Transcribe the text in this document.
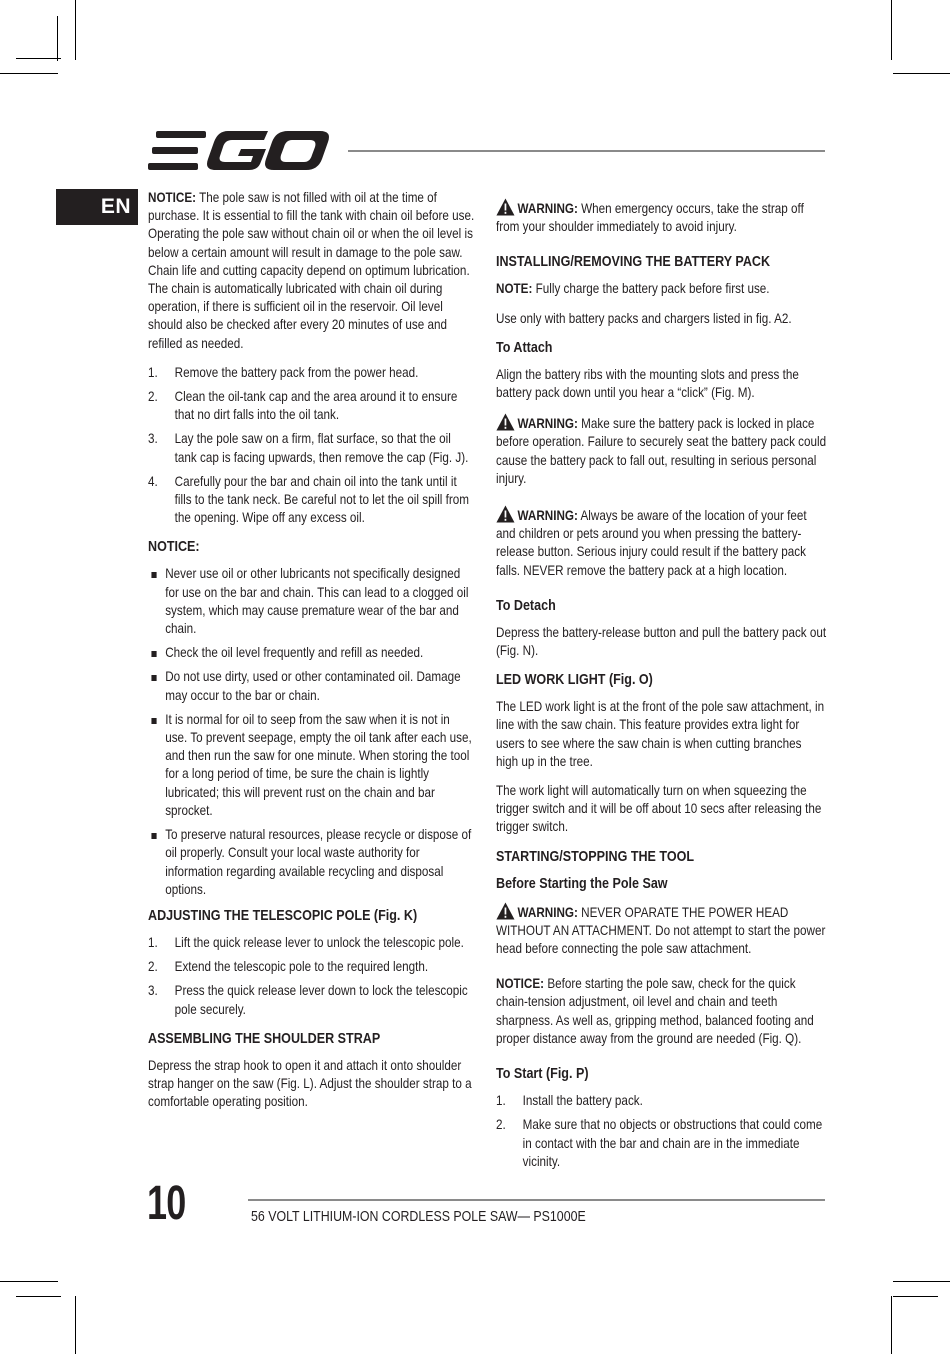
EN	NOTICE: The pole saw is not filled with oil at the time of purchase. It is essential to fill the tank with chain oil before use. Operating the pole saw without chain oil or when the oil level is below a certain amount will result in damage to the pole saw. Chain life and cutting capacity depend on optimum lubrication. The chain is automatically lubricated with chain oil during operation, if there is sufficient oil in the reservoir. Oil level should also be checked after every 20 minutes of use and refilled as needed.

1. Remove the battery pack from the power head.
2. Clean the oil-tank cap and the area around it to ensure that no dirt falls into the oil tank.
3. Lay the pole saw on a firm, flat surface, so that the oil tank cap is facing upwards, then remove the cap (Fig. J).
4. Carefully pour the bar and chain oil into the tank until it fills to the tank neck. Be careful not to let the oil spill from the opening. Wipe off any excess oil.
NOTICE:
Never use oil or other lubricants not specifically designed for use on the bar and chain. This can lead to a clogged oil system, which may cause premature wear of the bar and chain.
Check the oil level frequently and refill as needed.
Do not use dirty, used or other contaminated oil. Damage may occur to the bar or chain.
It is normal for oil to seep from the saw when it is not in use. To prevent seepage, empty the oil tank after each use, and then run the saw for one minute. When storing the tool for a long period of time, be sure the chain is lightly lubricated; this will prevent rust on the chain and bar sprocket.
To preserve natural resources, please recycle or dispose of oil properly. Consult your local waste authority for information regarding available recycling and disposal options.
ADJUSTING THE TELESCOPIC POLE (Fig. K)
1. Lift the quick release lever to unlock the telescopic pole.
2. Extend the telescopic pole to the required length.
3. Press the quick release lever down to lock the telescopic pole securely.
ASSEMBLING THE SHOULDER STRAP

Depress the strap hook to open it and attach it onto shoulder strap hanger on the saw (Fig. L). Adjust the shoulder strap to a comfortable operating position.

WARNING: When emergency occurs, take the strap off from your shoulder immediately to avoid injury.

INSTALLING/REMOVING THE BATTERY PACK

NOTE: Fully charge the battery pack before first use.

Use only with battery packs and chargers listed in fig. A2.

To Attach

Align the battery ribs with the mounting slots and press the battery pack down until you hear a “click” (Fig. M).

WARNING: Make sure the battery pack is locked in place before operation. Failure to securely seat the battery pack could cause the battery pack to fall out, resulting in serious personal injury.

WARNING: Always be aware of the location of your feet and children or pets around you when pressing the battery-release button. Serious injury could result if the battery pack falls. NEVER remove the battery pack at a high location.

To Detach

Depress the battery-release button and pull the battery pack out (Fig. N).

LED WORK LIGHT (Fig. O)

The LED work light is at the front of the pole saw attachment, in line with the saw chain. This feature provides extra light for users to see where the saw chain is when cutting branches high up in the tree.

The work light will automatically turn on when squeezing the trigger switch and it will be off about 10 secs after releasing the trigger switch.

STARTING/STOPPING THE TOOL
Before Starting the Pole Saw

WARNING: NEVER OPARATE THE POWER HEAD WITHOUT AN ATTACHMENT. Do not attempt to start the power head before connecting the pole saw attachment.

NOTICE: Before starting the pole saw, check for the quick chain-tension adjustment, oil level and chain and teeth sharpness. As well as, gripping method, balanced footing and proper distance away from the ground are needed (Fig. Q).

To Start (Fig. P)
1. Install the battery pack.
2. Make sure that no objects or obstructions that could come in contact with the bar and chain are in the immediate vicinity.
10	56 VOLT LITHIUM-ION CORDLESS POLE SAW— PS1000E
